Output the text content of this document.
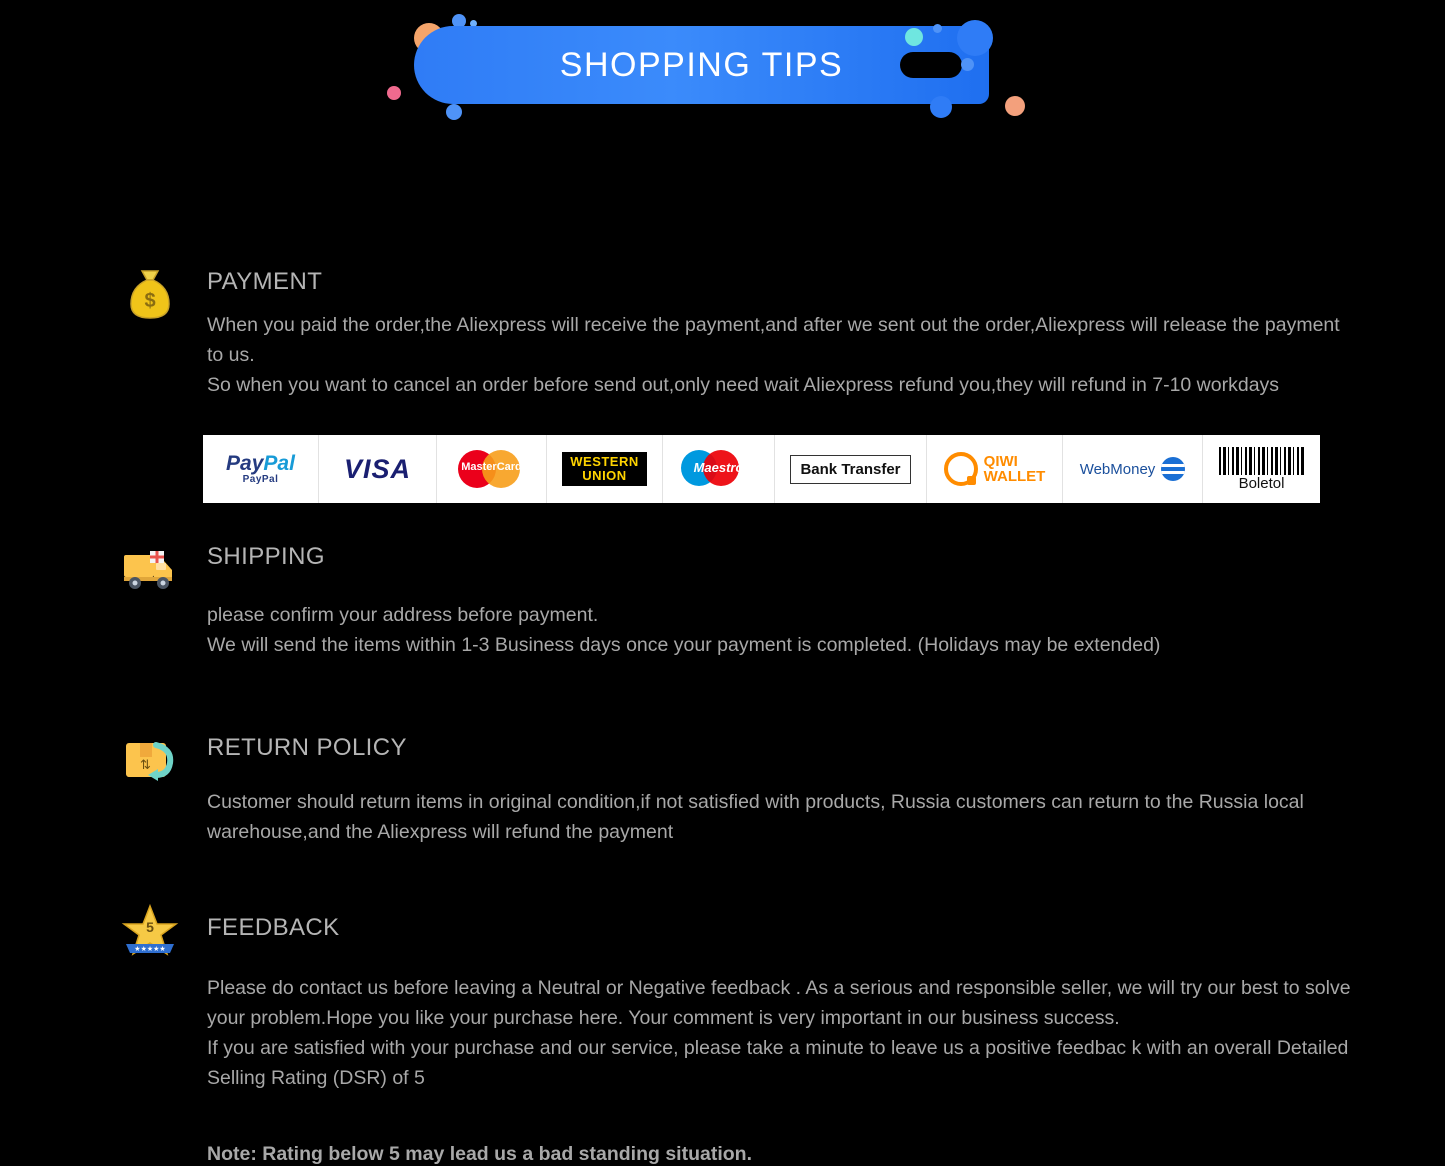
SHOPPING TIPS
$
PAYMENT

When you paid the order,the Aliexpress will receive the payment,and after we sent out the order,Aliexpress will release the payment to us.

So when you want to cancel an order before send out,only need wait Aliexpress refund you,they will refund in 7-10 workdays

PayPal
PayPal VISA	MasterCard	WESTERN
UNION
Maestro	Bank Transfer	QIWI
WALLET WebMoney
Boletol
SHIPPING

please confirm your address before payment.

We will send the items within 1-3 Business days once your payment is completed. (Holidays may be extended)

⇅
RETURN POLICY

Customer should return items in original condition,if not satisfied with products, Russia customers can return to the Russia local warehouse,and the Aliexpress will refund the payment

5
★★★★★
FEEDBACK

Please do contact us before leaving a Neutral or Negative feedback . As a serious and responsible seller, we will try our best to solve your problem.Hope you like your purchase here. Your comment is very important in our business success.

If you are satisfied with your purchase and our service, please take a minute to leave us a positive feedbac k with an overall Detailed Selling Rating (DSR) of 5

Note: Rating below 5 may lead us a bad standing situation.
